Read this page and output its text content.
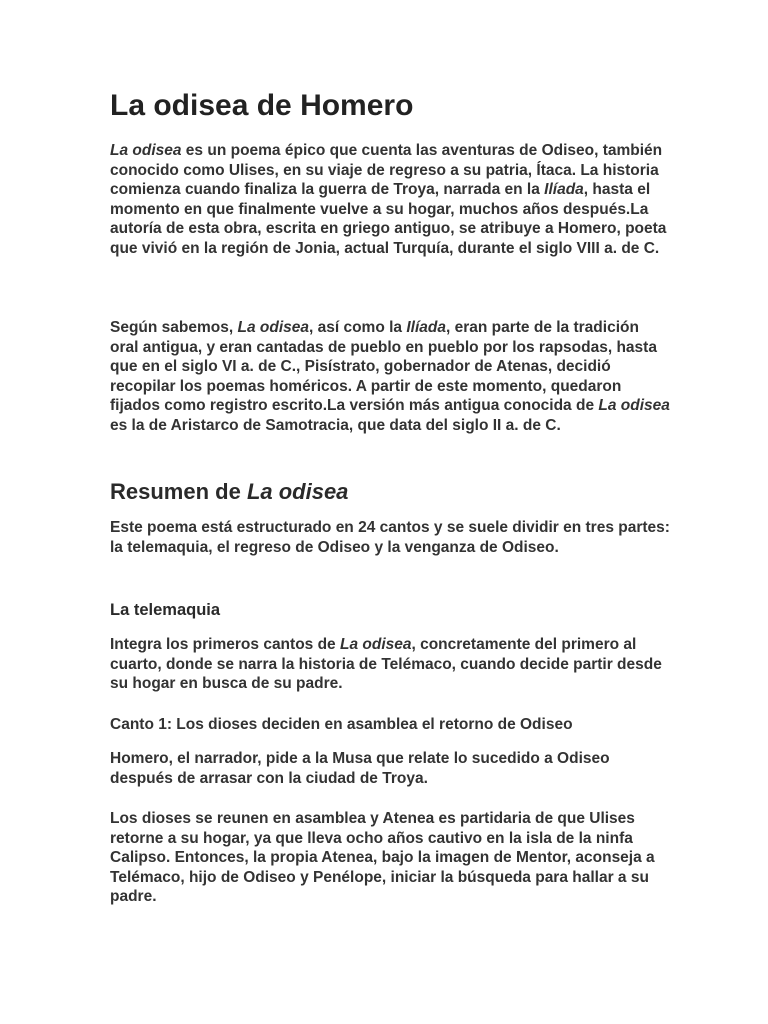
La odisea de Homero

La odisea es un poema épico que cuenta las aventuras de Odiseo, también conocido como Ulises, en su viaje de regreso a su patria, Ítaca. La historia comienza cuando finaliza la guerra de Troya, narrada en la Ilíada, hasta el momento en que finalmente vuelve a su hogar, muchos años después.La autoría de esta obra, escrita en griego antiguo, se atribuye a Homero, poeta que vivió en la región de Jonia, actual Turquía, durante el siglo VIII a. de C.

Según sabemos, La odisea, así como la Ilíada, eran parte de la tradición oral antigua, y eran cantadas de pueblo en pueblo por los rapsodas, hasta que en el siglo VI a. de C., Pisístrato, gobernador de Atenas, decidió recopilar los poemas homéricos. A partir de este momento, quedaron fijados como registro escrito.La versión más antigua conocida de La odisea es la de Aristarco de Samotracia, que data del siglo II a. de C.

Resumen de La odisea

Este poema está estructurado en 24 cantos y se suele dividir en tres partes: la telemaquia, el regreso de Odiseo y la venganza de Odiseo.

La telemaquia

Integra los primeros cantos de La odisea, concretamente del primero al cuarto, donde se narra la historia de Telémaco, cuando decide partir desde su hogar en busca de su padre.

Canto 1: Los dioses deciden en asamblea el retorno de Odiseo

Homero, el narrador, pide a la Musa que relate lo sucedido a Odiseo después de arrasar con la ciudad de Troya.

Los dioses se reunen en asamblea y Atenea es partidaria de que Ulises retorne a su hogar, ya que lleva ocho años cautivo en la isla de la ninfa Calipso. Entonces, la propia Atenea, bajo la imagen de Mentor, aconseja a Telémaco, hijo de Odiseo y Penélope, iniciar la búsqueda para hallar a su padre.
